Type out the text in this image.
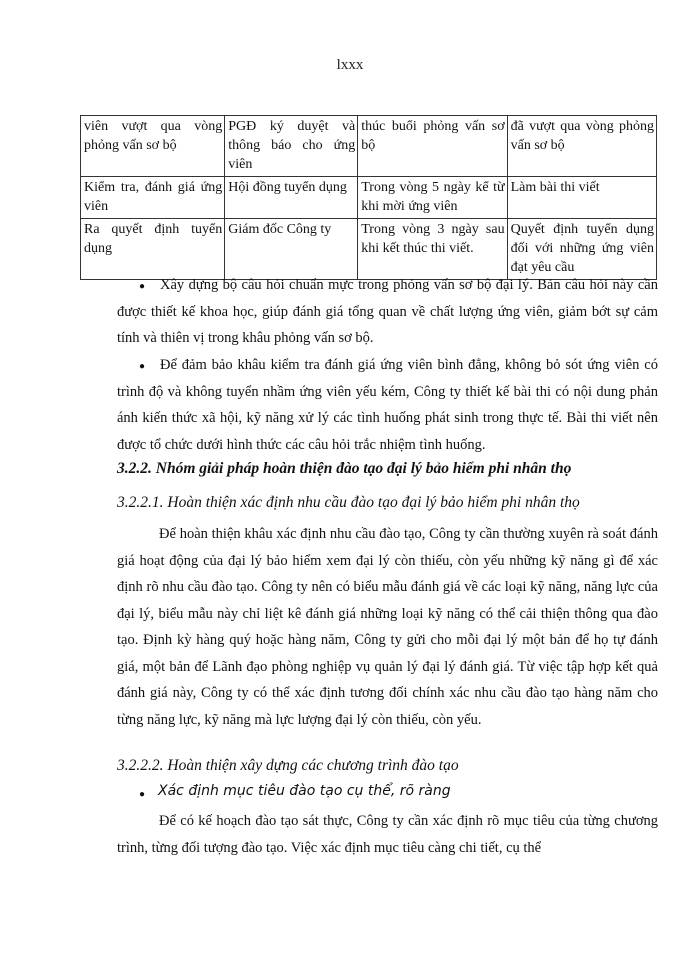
lxxx
viên vượt qua vòng phỏng vấn sơ bộ	PGĐ ký duyệt và thông báo cho ứng viên	thúc buổi phỏng vấn sơ bộ	đã vượt qua vòng phỏng vấn sơ bộ
Kiểm tra, đánh giá ứng viên	Hội đồng tuyển dụng	Trong vòng 5 ngày kể từ khi mời ứng viên	Làm bài thi viết
Ra quyết định tuyển dụng	Giám đốc Công ty	Trong vòng 3 ngày sau khi kết thúc thi viết.	Quyết định tuyển dụng đối với những ứng viên đạt yêu cầu
●	Xây dựng bộ câu hỏi chuẩn mực trong phỏng vấn sơ bộ đại lý. Bản câu hỏi này cần được thiết kế khoa học, giúp đánh giá tổng quan về chất lượng ứng viên, giảm bớt sự cảm tính và thiên vị trong khâu phỏng vấn sơ bộ.
●	Để đảm bảo khâu kiểm tra đánh giá ứng viên bình đẳng, không bỏ sót ứng viên có trình độ và không tuyển nhầm ứng viên yếu kém, Công ty thiết kế bài thi có nội dung phản ánh kiến thức xã hội, kỹ năng xử lý các tình huống phát sinh trong thực tế. Bài thi viết nên được tổ chức dưới hình thức các câu hỏi trắc nhiệm tình huống.
3.2.2. Nhóm giải pháp hoàn thiện đào tạo đại lý bảo hiểm phi nhân thọ
3.2.2.1. Hoàn thiện xác định nhu cầu đào tạo đại lý bảo hiểm phi nhân thọ
Để hoàn thiện khâu xác định nhu cầu đào tạo, Công ty cần thường xuyên rà soát đánh giá hoạt động của đại lý bảo hiểm xem đại lý còn thiếu, còn yếu những kỹ năng gì để xác định rõ nhu cầu đào tạo. Công ty nên có biểu mẫu đánh giá về các loại kỹ năng, năng lực của đại lý, biểu mẫu này chỉ liệt kê đánh giá những loại kỹ năng có thể cải thiện thông qua đào tạo. Định kỳ hàng quý hoặc hàng năm, Công ty gửi cho mỗi đại lý một bản để họ tự đánh giá, một bản để Lãnh đạo phòng nghiệp vụ quản lý đại lý đánh giá. Từ việc tập hợp kết quả đánh giá này, Công ty có thể xác định tương đối chính xác nhu cầu đào tạo hàng năm cho từng năng lực, kỹ năng mà lực lượng đại lý còn thiếu, còn yếu.
3.2.2.2. Hoàn thiện xây dựng các chương trình đào tạo
● Xác định mục tiêu đào tạo cụ thể, rõ ràng
Để có kế hoạch đào tạo sát thực, Công ty cần xác định rõ mục tiêu của từng chương trình, từng đối tượng đào tạo. Việc xác định mục tiêu càng chi tiết, cụ thể
